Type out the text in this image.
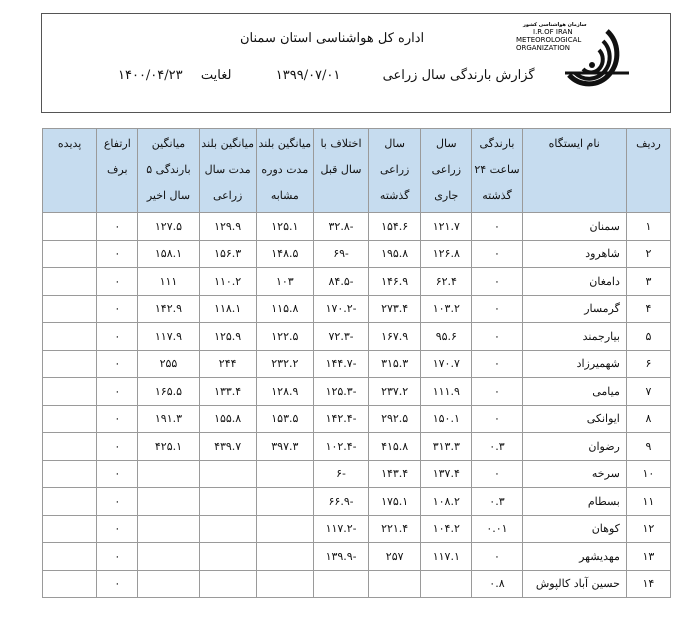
اداره کل هواشناسی استان سمنان
گزارش بارندگی سال زراعی  ۱۳۹۹/۰۷/۰۱  لغایت  ۱۴۰۰/۰۴/۲۳
سازمان هواشناسی کشور
I.R.OF IRAN
METEOROLOGICAL
ORGANIZATION
ردیف	نام ایستگاه	بارندگی ساعت ۲۴ گذشته	سال زراعی جاری	سال زراعی گذشته	اختلاف با سال قبل	میانگین بلند مدت دوره مشابه	میانگین بلند مدت سال زراعی	میانگین بارندگی ۵ سال اخیر	ارتفاع برف	پدیده
۱	سمنان	۰	۱۲۱.۷	۱۵۴.۶	-۳۲.۸	۱۲۵.۱	۱۲۹.۹	۱۲۷.۵	۰	
۲	شاهرود	۰	۱۲۶.۸	۱۹۵.۸	-۶۹	۱۴۸.۵	۱۵۶.۳	۱۵۸.۱	۰	
۳	دامغان	۰	۶۲.۴	۱۴۶.۹	-۸۴.۵	۱۰۳	۱۱۰.۲	۱۱۱	۰	
۴	گرمسار	۰	۱۰۳.۲	۲۷۳.۴	-۱۷۰.۲	۱۱۵.۸	۱۱۸.۱	۱۴۲.۹	۰	
۵	بیارجمند	۰	۹۵.۶	۱۶۷.۹	-۷۲.۳	۱۲۲.۵	۱۲۵.۹	۱۱۷.۹	۰	
۶	شهمیرزاد	۰	۱۷۰.۷	۳۱۵.۳	-۱۴۴.۷	۲۳۲.۲	۲۴۴	۲۵۵	۰	
۷	میامی	۰	۱۱۱.۹	۲۳۷.۲	-۱۲۵.۳	۱۲۸.۹	۱۳۳.۴	۱۶۵.۵	۰	
۸	ایوانکی	۰	۱۵۰.۱	۲۹۲.۵	-۱۴۲.۴	۱۵۳.۵	۱۵۵.۸	۱۹۱.۳	۰	
۹	رضوان	۰.۳	۳۱۳.۳	۴۱۵.۸	-۱۰۲.۴	۳۹۷.۳	۴۳۹.۷	۴۲۵.۱	۰	
۱۰	سرخه	۰	۱۳۷.۴	۱۴۳.۴	-۶				۰	
۱۱	بسطام	۰.۳	۱۰۸.۲	۱۷۵.۱	-۶۶.۹				۰	
۱۲	کوهان	۰.۰۱	۱۰۴.۲	۲۲۱.۴	-۱۱۷.۲				۰	
۱۳	مهدیشهر	۰	۱۱۷.۱	۲۵۷	-۱۳۹.۹				۰	
۱۴	حسین آباد کالپوش	۰.۸							۰	
